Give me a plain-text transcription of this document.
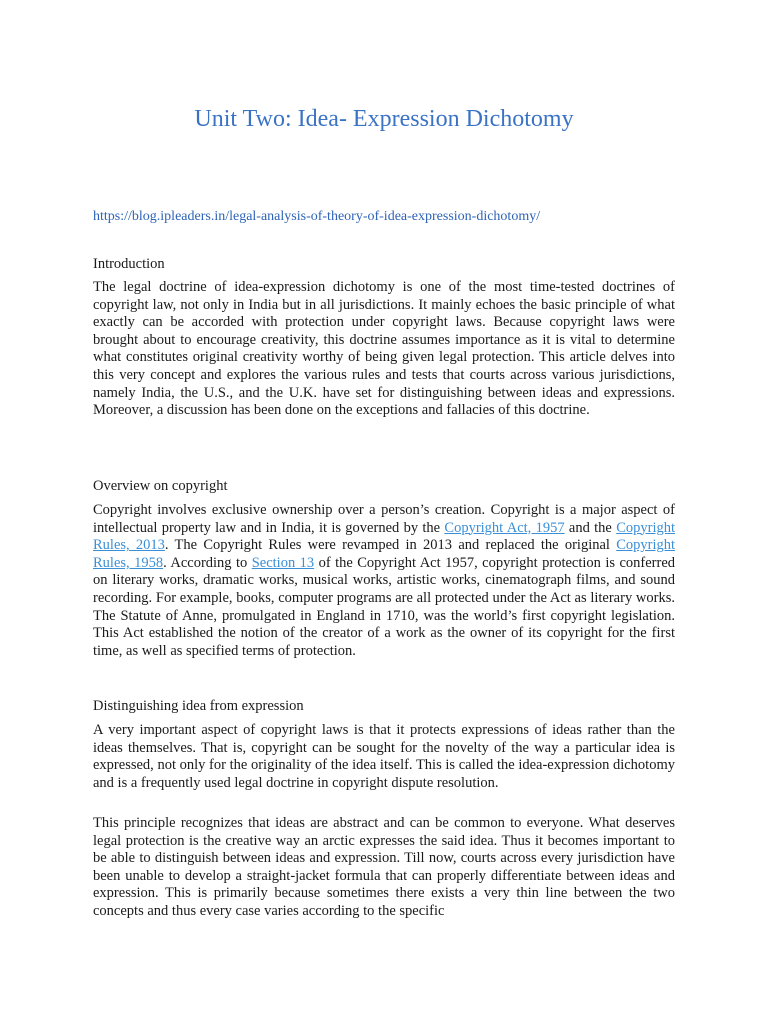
Unit Two: Idea- Expression Dichotomy
https://blog.ipleaders.in/legal-analysis-of-theory-of-idea-expression-dichotomy/
Introduction

The legal doctrine of idea-expression dichotomy is one of the most time-tested doctrines of copyright law, not only in India but in all jurisdictions. It mainly echoes the basic principle of what exactly can be accorded with protection under copyright laws. Because copyright laws were brought about to encourage creativity, this doctrine assumes importance as it is vital to determine what constitutes original creativity worthy of being given legal protection. This article delves into this very concept and explores the various rules and tests that courts across various jurisdictions, namely India, the U.S., and the U.K. have set for distinguishing between ideas and expressions. Moreover, a discussion has been done on the exceptions and fallacies of this doctrine.

Overview on copyright

Copyright involves exclusive ownership over a person’s creation. Copyright is a major aspect of intellectual property law and in India, it is governed by the Copyright Act, 1957 and the Copyright Rules, 2013. The Copyright Rules were revamped in 2013 and replaced the original Copyright Rules, 1958. According to Section 13 of the Copyright Act 1957, copyright protection is conferred on literary works, dramatic works, musical works, artistic works, cinematograph films, and sound recording. For example, books, computer programs are all protected under the Act as literary works. The Statute of Anne, promulgated in England in 1710, was the world’s first copyright legislation. This Act established the notion of the creator of a work as the owner of its copyright for the first time, as well as specified terms of protection.

Distinguishing idea from expression

A very important aspect of copyright laws is that it protects expressions of ideas rather than the ideas themselves. That is, copyright can be sought for the novelty of the way a particular idea is expressed, not only for the originality of the idea itself. This is called the idea-expression dichotomy and is a frequently used legal doctrine in copyright dispute resolution.

This principle recognizes that ideas are abstract and can be common to everyone. What deserves legal protection is the creative way an arctic expresses the said idea. Thus it becomes important to be able to distinguish between ideas and expression. Till now, courts across every jurisdiction have been unable to develop a straight-jacket formula that can properly differentiate between ideas and expression. This is primarily because sometimes there exists a very thin line between the two concepts and thus every case varies according to the specific
